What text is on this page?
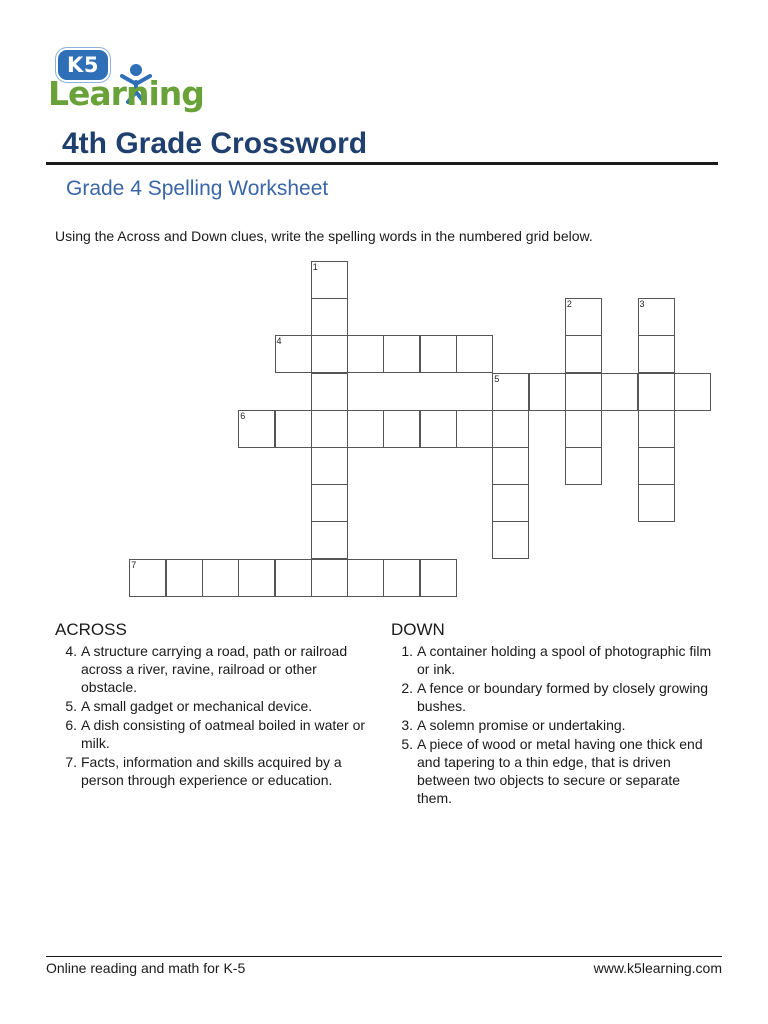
K5
Learning
4th Grade Crossword
Grade 4 Spelling Worksheet
Using the Across and Down clues, write the spelling words in the numbered grid below.
1
2	3
4
5
6
7
ACROSS
4. A structure carrying a road, path or railroad across a river, ravine, railroad or other obstacle.
5. A small gadget or mechanical device.
6. A dish consisting of oatmeal boiled in water or milk.
7. Facts, information and skills acquired by a person through experience or education.
DOWN
1. A container holding a spool of photographic film or ink.
2. A fence or boundary formed by closely growing bushes.
3. A solemn promise or undertaking.
5. A piece of wood or metal having one thick end and tapering to a thin edge, that is driven between two objects to secure or separate them.
Online reading and math for K-5	www.k5learning.com
